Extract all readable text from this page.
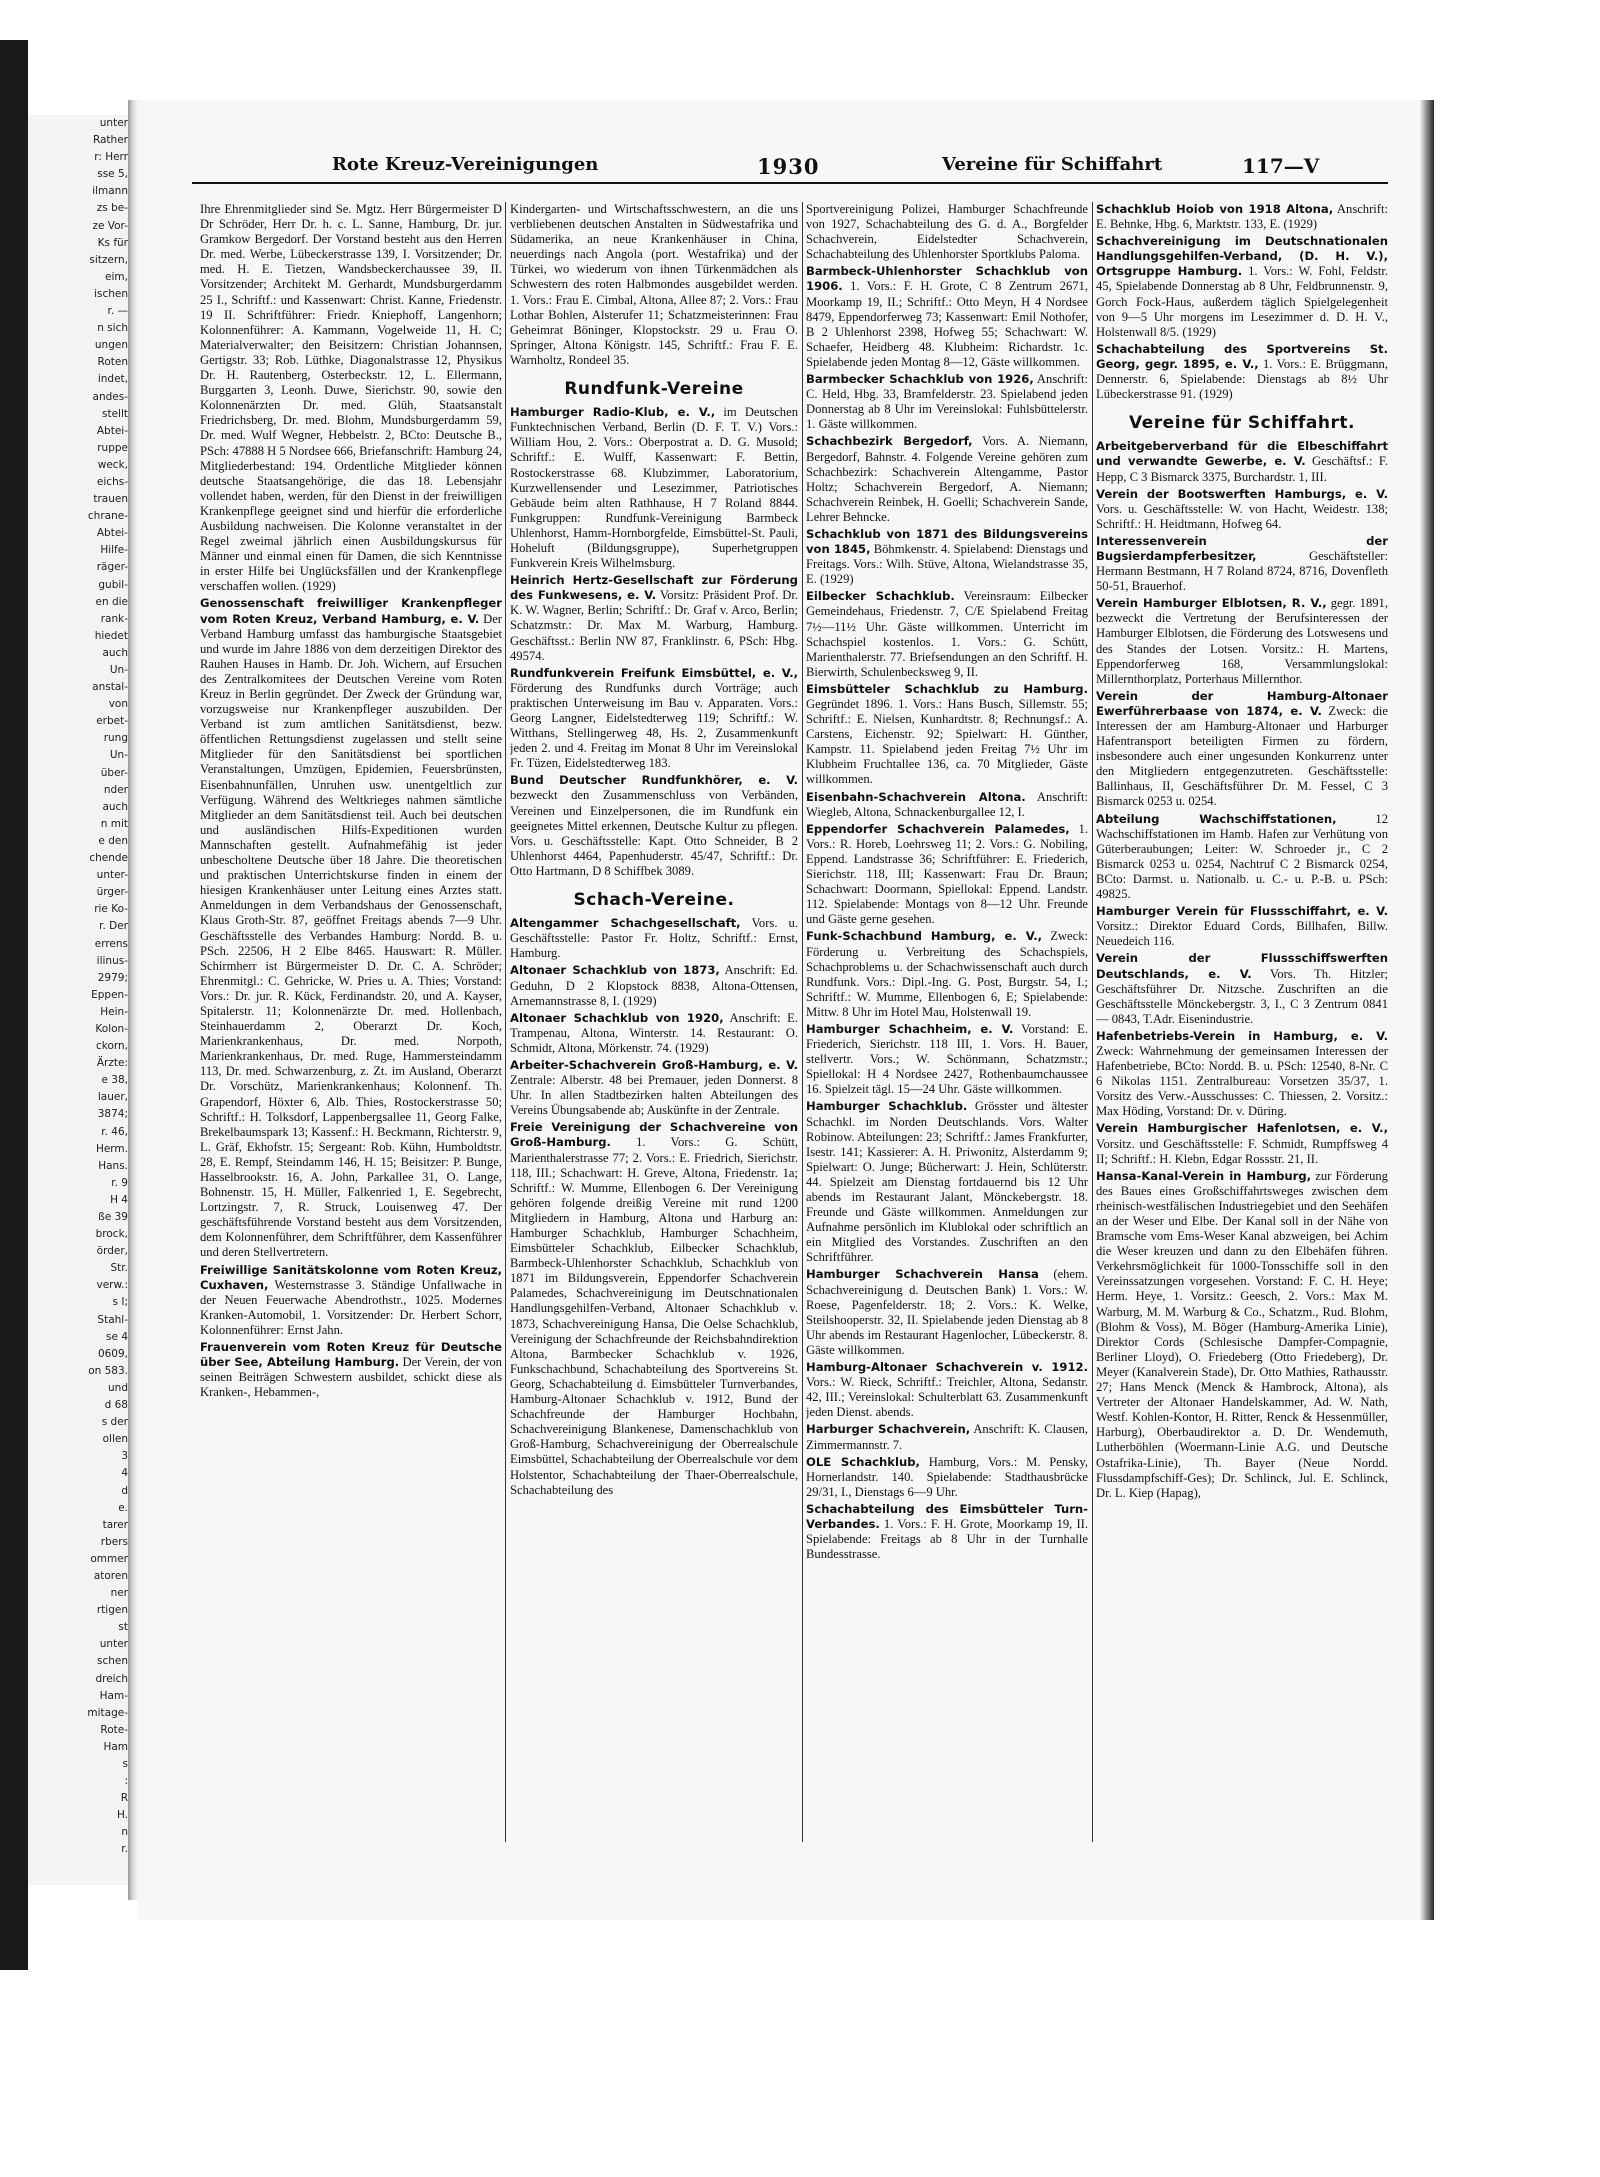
unter
Rather
r: Herr
sse 5,
ilmann
zs be-
ze Vor-
Ks für
sitzern,
eim,
ischen
r. —
n sich
ungen
Roten
indet,
andes-
stellt
Abtei-
ruppe
weck,
eichs-
trauen
chrane-
Abtei-
Hilfe-
räger-
gubil-
en die
rank-
hiedet
auch
Un-
anstal-
von
erbet-
rung
Un-
über-
nder
auch
n mit
e den
chende
unter-
ürger-
rie Ko-
r. Der
errens
ilinus-
2979;
Eppen-
Hein-
Kolon-
ckorn,
Ärzte:
e 38,
lauer,
3874;
r. 46,
Herm.
Hans.
r. 9
H 4
ße 39
brock,
örder,
Str.
verw.:
s I;
Stahl-
se 4
0609,
on 583.
und
d 68
s der
ollen
3
4
d
e.
tarer
rbers
ommer
atoren
ner
rtigen
st
unter
schen
dreich
Ham-
mitage-
Rote-
Ham
s
:
R
H.
n
r.
Rote Kreuz-Vereinigungen	1930	Vereine für Schiffahrt	117—V
Ihre Ehrenmitglieder sind Se. Mgtz. Herr Bürgermeister D Dr Schröder, Herr Dr. h. c. L. Sanne, Hamburg, Dr. jur. Gramkow Bergedorf. Der Vorstand besteht aus den Herren Dr. med. Werbe, Lübeckerstrasse 139, I. Vorsitzender; Dr. med. H. E. Tietzen, Wandsbeckerchaussee 39, II. Vorsitzender; Architekt M. Gerhardt, Mundsburgerdamm 25 I., Schriftf.: und Kassenwart: Christ. Kanne, Friedenstr. 19 II. Schriftführer: Friedr. Kniephoff, Langenhorn; Kolonnenführer: A. Kammann, Vogelweide 11, H. C; Materialverwalter; den Beisitzern: Christian Johannsen, Gertigstr. 33; Rob. Lüthke, Diagonalstrasse 12, Physikus Dr. H. Rautenberg, Osterbeckstr. 12, L. Ellermann, Burggarten 3, Leonh. Duwe, Sierichstr. 90, sowie den Kolonnenärzten Dr. med. Glüh, Staatsanstalt Friedrichsberg, Dr. med. Blohm, Mundsburgerdamm 59, Dr. med. Wulf Wegner, Hebbelstr. 2, BCto: Deutsche B., PSch: 47888 H 5 Nordsee 666, Briefanschrift: Hamburg 24, Mitgliederbestand: 194. Ordentliche Mitglieder können deutsche Staatsangehörige, die das 18. Lebensjahr vollendet haben, werden, für den Dienst in der freiwilligen Krankenpflege geeignet sind und hierfür die erforderliche Ausbildung nachweisen. Die Kolonne veranstaltet in der Regel zweimal jährlich einen Ausbildungskursus für Männer und einmal einen für Damen, die sich Kenntnisse in erster Hilfe bei Unglücksfällen und der Krankenpflege verschaffen wollen. (1929)
Genossenschaft freiwilliger Krankenpfleger vom Roten Kreuz, Verband Hamburg, e. V. Der Verband Hamburg umfasst das hamburgische Staatsgebiet und wurde im Jahre 1886 von dem derzeitigen Direktor des Rauhen Hauses in Hamb. Dr. Joh. Wichern, auf Ersuchen des Zentralkomitees der Deutschen Vereine vom Roten Kreuz in Berlin gegründet. Der Zweck der Gründung war, vorzugsweise nur Krankenpfleger auszubilden. Der Verband ist zum amtlichen Sanitätsdienst, bezw. öffentlichen Rettungsdienst zugelassen und stellt seine Mitglieder für den Sanitätsdienst bei sportlichen Veranstaltungen, Umzügen, Epidemien, Feuersbrünsten, Eisenbahnunfällen, Unruhen usw. unentgeltlich zur Verfügung. Während des Weltkrieges nahmen sämtliche Mitglieder an dem Sanitätsdienst teil. Auch bei deutschen und ausländischen Hilfs-Expeditionen wurden Mannschaften gestellt. Aufnahmefähig ist jeder unbescholtene Deutsche über 18 Jahre. Die theoretischen und praktischen Unterrichtskurse finden in einem der hiesigen Krankenhäuser unter Leitung eines Arztes statt. Anmeldungen in dem Verbandshaus der Genossenschaft, Klaus Groth-Str. 87, geöffnet Freitags abends 7—9 Uhr. Geschäftsstelle des Verbandes Hamburg: Nordd. B. u. PSch. 22506, H 2 Elbe 8465. Hauswart: R. Müller. Schirmherr ist Bürgermeister D. Dr. C. A. Schröder; Ehrenmitgl.: C. Gehricke, W. Pries u. A. Thies; Vorstand: Vors.: Dr. jur. R. Kück, Ferdinandstr. 20, und A. Kayser, Spitalerstr. 11; Kolonnenärzte Dr. med. Hollenbach, Steinhauerdamm 2, Oberarzt Dr. Koch, Marienkrankenhaus, Dr. med. Norpoth, Marienkrankenhaus, Dr. med. Ruge, Hammersteindamm 113, Dr. med. Schwarzenburg, z. Zt. im Ausland, Oberarzt Dr. Vorschütz, Marienkrankenhaus; Kolonnenf. Th. Grapendorf, Höxter 6, Alb. Thies, Rostockerstrasse 50; Schriftf.: H. Tolksdorf, Lappenbergsallee 11, Georg Falke, Brekelbaumspark 13; Kassenf.: H. Beckmann, Richterstr. 9, L. Gräf, Ekhofstr. 15; Sergeant: Rob. Kühn, Humboldtstr. 28, E. Rempf, Steindamm 146, H. 15; Beisitzer: P. Bunge, Hasselbrookstr. 16, A. John, Parkallee 31, O. Lange, Bohnenstr. 15, H. Müller, Falkenried 1, E. Segebrecht, Lortzingstr. 7, R. Struck, Louisenweg 47. Der geschäftsführende Vorstand besteht aus dem Vorsitzenden, dem Kolonnenführer, dem Schriftführer, dem Kassenführer und deren Stellvertretern.
Freiwillige Sanitätskolonne vom Roten Kreuz, Cuxhaven, Westernstrasse 3. Ständige Unfallwache in der Neuen Feuerwache Abendrothstr., 1025. Modernes Kranken-Automobil, 1. Vorsitzender: Dr. Herbert Schorr, Kolonnenführer: Ernst Jahn.
Frauenverein vom Roten Kreuz für Deutsche über See, Abteilung Hamburg. Der Verein, der von seinen Beiträgen Schwestern ausbildet, schickt diese als Kranken-, Hebammen-,
Kindergarten- und Wirtschaftsschwestern, an die uns verbliebenen deutschen Anstalten in Südwestafrika und Südamerika, an neue Krankenhäuser in China, neuerdings nach Angola (port. Westafrika) und der Türkei, wo wiederum von ihnen Türkenmädchen als Schwestern des roten Halbmondes ausgebildet werden. 1. Vors.: Frau E. Cimbal, Altona, Allee 87; 2. Vors.: Frau Lothar Bohlen, Alsterufer 11; Schatzmeisterinnen: Frau Geheimrat Böninger, Klopstockstr. 29 u. Frau O. Springer, Altona Königstr. 145, Schriftf.: Frau F. E. Warnholtz, Rondeel 35.
Rundfunk-Vereine
Hamburger Radio-Klub, e. V., im Deutschen Funktechnischen Verband, Berlin (D. F. T. V.) Vors.: William Hou, 2. Vors.: Oberpostrat a. D. G. Musold; Schriftf.: E. Wulff, Kassenwart: F. Bettin, Rostockerstrasse 68. Klubzimmer, Laboratorium, Kurzwellensender und Lesezimmer, Patriotisches Gebäude beim alten Rathhause, H 7 Roland 8844. Funkgruppen: Rundfunk-Vereinigung Barmbeck Uhlenhorst, Hamm-Hornborgfelde, Eimsbüttel-St. Pauli, Hoheluft (Bildungsgruppe), Superhetgruppen Funkverein Kreis Wilhelmsburg.
Heinrich Hertz-Gesellschaft zur Förderung des Funkwesens, e. V. Vorsitz: Präsident Prof. Dr. K. W. Wagner, Berlin; Schriftf.: Dr. Graf v. Arco, Berlin; Schatzmstr.: Dr. Max M. Warburg, Hamburg. Geschäftsst.: Berlin NW 87, Franklinstr. 6, PSch: Hbg. 49574.
Rundfunkverein Freifunk Eimsbüttel, e. V., Förderung des Rundfunks durch Vorträge; auch praktischen Unterweisung im Bau v. Apparaten. Vors.: Georg Langner, Eidelstedterweg 119; Schriftf.: W. Witthans, Stellingerweg 48, Hs. 2, Zusammenkunft jeden 2. und 4. Freitag im Monat 8 Uhr im Vereinslokal Fr. Tüzen, Eidelstedterweg 183.
Bund Deutscher Rundfunkhörer, e. V. bezweckt den Zusammenschluss von Verbänden, Vereinen und Einzelpersonen, die im Rundfunk ein geeignetes Mittel erkennen, Deutsche Kultur zu pflegen. Vors. u. Geschäftsstelle: Kapt. Otto Schneider, B 2 Uhlenhorst 4464, Papenhuderstr. 45/47, Schriftf.: Dr. Otto Hartmann, D 8 Schiffbek 3089.
Schach-Vereine.
Altengammer Schachgesellschaft, Vors. u. Geschäftsstelle: Pastor Fr. Holtz, Schriftf.: Ernst, Hamburg.
Altonaer Schachklub von 1873, Anschrift: Ed. Geduhn, D 2 Klopstock 8838, Altona-Ottensen, Arnemannstrasse 8, I. (1929)
Altonaer Schachklub von 1920, Anschrift: E. Trampenau, Altona, Winterstr. 14. Restaurant: O. Schmidt, Altona, Mörkenstr. 74. (1929)
Arbeiter-Schachverein Groß-Hamburg, e. V. Zentrale: Alberstr. 48 bei Premauer, jeden Donnerst. 8 Uhr. In allen Stadtbezirken halten Abteilungen des Vereins Übungsabende ab; Auskünfte in der Zentrale.
Freie Vereinigung der Schachvereine von Groß-Hamburg. 1. Vors.: G. Schütt, Marienthalerstrasse 77; 2. Vors.: E. Friedrich, Sierichstr. 118, III.; Schachwart: H. Greve, Altona, Friedenstr. 1a; Schriftf.: W. Mumme, Ellenbogen 6. Der Vereinigung gehören folgende dreißig Vereine mit rund 1200 Mitgliedern in Hamburg, Altona und Harburg an: Hamburger Schachklub, Hamburger Schachheim, Eimsbütteler Schachklub, Eilbecker Schachklub, Barmbeck-Uhlenhorster Schachklub, Schachklub von 1871 im Bildungsverein, Eppendorfer Schachverein Palamedes, Schachvereinigung im Deutschnationalen Handlungsgehilfen-Verband, Altonaer Schachklub v. 1873, Schachvereinigung Hansa, Die Oelse Schachklub, Vereinigung der Schachfreunde der Reichsbahndirektion Altona, Barmbecker Schachklub v. 1926, Funkschachbund, Schachabteilung des Sportvereins St. Georg, Schachabteilung d. Eimsbütteler Turnverbandes, Hamburg-Altonaer Schachklub v. 1912, Bund der Schachfreunde der Hamburger Hochbahn, Schachvereinigung Blankenese, Damenschachklub von Groß-Hamburg, Schachvereinigung der Oberrealschule Eimsbüttel, Schachabteilung der Oberrealschule vor dem Holstentor, Schachabteilung der Thaer-Oberrealschule, Schachabteilung des
Sportvereinigung Polizei, Hamburger Schachfreunde von 1927, Schachabteilung des G. d. A., Borgfelder Schachverein, Eidelstedter Schachverein, Schachabteilung des Uhlenhorster Sportklubs Paloma.
Barmbeck-Uhlenhorster Schachklub von 1906. 1. Vors.: F. H. Grote, C 8 Zentrum 2671, Moorkamp 19, II.; Schriftf.: Otto Meyn, H 4 Nordsee 8479, Eppendorferweg 73; Kassenwart: Emil Nothofer, B 2 Uhlenhorst 2398, Hofweg 55; Schachwart: W. Schaefer, Heidberg 48. Klubheim: Richardstr. 1c. Spielabende jeden Montag 8—12, Gäste willkommen.
Barmbecker Schachklub von 1926, Anschrift: C. Held, Hbg. 33, Bramfelderstr. 23. Spielabend jeden Donnerstag ab 8 Uhr im Vereinslokal: Fuhlsbüttelerstr. 1. Gäste willkommen.
Schachbezirk Bergedorf, Vors. A. Niemann, Bergedorf, Bahnstr. 4. Folgende Vereine gehören zum Schachbezirk: Schachverein Altengamme, Pastor Holtz; Schachverein Bergedorf, A. Niemann; Schachverein Reinbek, H. Goelli; Schachverein Sande, Lehrer Behncke.
Schachklub von 1871 des Bildungsvereins von 1845, Böhmkenstr. 4. Spielabend: Dienstags und Freitags. Vors.: Wilh. Stüve, Altona, Wielandstrasse 35, E. (1929)
Eilbecker Schachklub. Vereinsraum: Eilbecker Gemeindehaus, Friedenstr. 7, C/E Spielabend Freitag 7½—11½ Uhr. Gäste willkommen. Unterricht im Schachspiel kostenlos. 1. Vors.: G. Schütt, Marienthalerstr. 77. Briefsendungen an den Schriftf. H. Bierwirth, Schulenbecksweg 9, II.
Eimsbütteler Schachklub zu Hamburg. Gegründet 1896. 1. Vors.: Hans Busch, Sillemstr. 55; Schriftf.: E. Nielsen, Kunhardtstr. 8; Rechnungsf.: A. Carstens, Eichenstr. 92; Spielwart: H. Günther, Kampstr. 11. Spielabend jeden Freitag 7½ Uhr im Klubheim Fruchtallee 136, ca. 70 Mitglieder, Gäste willkommen.
Eisenbahn-Schachverein Altona. Anschrift: Wiegleb, Altona, Schnackenburgallee 12, I.
Eppendorfer Schachverein Palamedes, 1. Vors.: R. Horeb, Loehrsweg 11; 2. Vors.: G. Nobiling, Eppend. Landstrasse 36; Schriftführer: E. Friederich, Sierichstr. 118, III; Kassenwart: Frau Dr. Braun; Schachwart: Doormann, Spiellokal: Eppend. Landstr. 112. Spielabende: Montags von 8—12 Uhr. Freunde und Gäste gerne gesehen.
Funk-Schachbund Hamburg, e. V., Zweck: Förderung u. Verbreitung des Schachspiels, Schachproblems u. der Schachwissenschaft auch durch Rundfunk. Vors.: Dipl.-Ing. G. Post, Burgstr. 54, I.; Schriftf.: W. Mumme, Ellenbogen 6, E; Spielabende: Mittw. 8 Uhr im Hotel Mau, Holstenwall 19.
Hamburger Schachheim, e. V. Vorstand: E. Friederich, Sierichstr. 118 III, 1. Vors. H. Bauer, stellvertr. Vors.; W. Schönmann, Schatzmstr.; Spiellokal: H 4 Nordsee 2427, Rothenbaumchaussee 16. Spielzeit tägl. 15—24 Uhr. Gäste willkommen.
Hamburger Schachklub. Grösster und ältester Schachkl. im Norden Deutschlands. Vors. Walter Robinow. Abteilungen: 23; Schriftf.: James Frankfurter, Isestr. 141; Kassierer: A. H. Priwonitz, Alsterdamm 9; Spielwart: O. Junge; Bücherwart: J. Hein, Schlüterstr. 44. Spielzeit am Dienstag fortdauernd bis 12 Uhr abends im Restaurant Jalant, Mönckebergstr. 18. Freunde und Gäste willkommen. Anmeldungen zur Aufnahme persönlich im Klublokal oder schriftlich an ein Mitglied des Vorstandes. Zuschriften an den Schriftführer.
Hamburger Schachverein Hansa (ehem. Schachvereinigung d. Deutschen Bank) 1. Vors.: W. Roese, Pagenfelderstr. 18; 2. Vors.: K. Welke, Steilshooperstr. 32, II. Spielabende jeden Dienstag ab 8 Uhr abends im Restaurant Hagenlocher, Lübeckerstr. 8. Gäste willkommen.
Hamburg-Altonaer Schachverein v. 1912. Vors.: W. Rieck, Schriftf.: Treichler, Altona, Sedanstr. 42, III.; Vereinslokal: Schulterblatt 63. Zusammenkunft jeden Dienst. abends.
Harburger Schachverein, Anschrift: K. Clausen, Zimmermannstr. 7.
OLE Schachklub, Hamburg, Vors.: M. Pensky, Hornerlandstr. 140. Spielabende: Stadthausbrücke 29/31, I., Dienstags 6—9 Uhr.
Schachabteilung des Eimsbütteler Turn-Verbandes. 1. Vors.: F. H. Grote, Moorkamp 19, II. Spielabende: Freitags ab 8 Uhr in der Turnhalle Bundesstrasse.
Schachklub Hoiob von 1918 Altona, Anschrift: E. Behnke, Hbg. 6, Marktstr. 133, E. (1929)
Schachvereinigung im Deutschnationalen Handlungsgehilfen-Verband, (D. H. V.), Ortsgruppe Hamburg. 1. Vors.: W. Fohl, Feldstr. 45, Spielabende Donnerstag ab 8 Uhr, Feldbrunnenstr. 9, Gorch Fock-Haus, außerdem täglich Spielgelegenheit von 9—5 Uhr morgens im Lesezimmer d. D. H. V., Holstenwall 8/5. (1929)
Schachabteilung des Sportvereins St. Georg, gegr. 1895, e. V., 1. Vors.: E. Brüggmann, Dennerstr. 6, Spielabende: Dienstags ab 8½ Uhr Lübeckerstrasse 91. (1929)
Vereine für Schiffahrt.
Arbeitgeberverband für die Elbeschiffahrt und verwandte Gewerbe, e. V. Geschäftsf.: F. Hepp, C 3 Bismarck 3375, Burchardstr. 1, III.
Verein der Bootswerften Hamburgs, e. V. Vors. u. Geschäftsstelle: W. von Hacht, Weidestr. 138; Schriftf.: H. Heidtmann, Hofweg 64.
Interessenverein der Bugsierdampferbesitzer,	Geschäftsteller: Hermann Bestmann, H 7 Roland 8724, 8716, Dovenfleth 50-51, Brauerhof.
Verein Hamburger Elblotsen, R. V., gegr. 1891, bezweckt die Vertretung der Berufsinteressen der Hamburger Elblotsen, die Förderung des Lotswesens und des Standes der Lotsen. Vorsitz.: H. Martens, Eppendorferweg 168, Versammlungslokal: Millernthorplatz, Porterhaus Millernthor.
Verein der Hamburg-Altonaer Ewerführerbaase von 1874, e. V. Zweck: die Interessen der am Hamburg-Altonaer und Harburger Hafentransport beteiligten Firmen zu fördern, insbesondere auch einer ungesunden Konkurrenz unter den Mitgliedern entgegenzutreten. Geschäftsstelle: Ballinhaus, II, Geschäftsführer Dr. M. Fessel, C 3 Bismarck 0253 u. 0254.
Abteilung Wachschiffstationen,	12 Wachschiffstationen im Hamb. Hafen zur Verhütung von Güterberaubungen; Leiter: W. Schroeder jr., C 2 Bismarck 0253 u. 0254, Nachtruf C 2 Bismarck 0254, BCto: Darmst. u. Nationalb. u. C.- u. P.-B. u. PSch: 49825.
Hamburger Verein für Flussschiffahrt, e. V. Vorsitz.: Direktor Eduard Cords, Billhafen, Billw. Neuedeich 116.
Verein der Flussschiffswerften Deutschlands, e. V. Vors. Th. Hitzler; Geschäftsführer Dr. Nitzsche. Zuschriften an die Geschäftsstelle Mönckebergstr. 3, I., C 3 Zentrum 0841 — 0843, T.Adr. Eisenindustrie.
Hafenbetriebs-Verein in Hamburg, e. V. Zweck: Wahrnehmung der gemeinsamen Interessen der Hafenbetriebe, BCto: Nordd. B. u. PSch: 12540, 8-Nr. C 6 Nikolas 1151. Zentralbureau: Vorsetzen 35/37, 1. Vorsitz des Verw.-Ausschusses: C. Thiessen, 2. Vorsitz.: Max Höding, Vorstand: Dr. v. Düring.
Verein Hamburgischer Hafenlotsen, e. V., Vorsitz. und Geschäftsstelle: F. Schmidt, Rumpffsweg 4 II; Schriftf.: H. Klebn, Edgar Rossstr. 21, II.
Hansa-Kanal-Verein in Hamburg, zur Förderung des Baues eines Großschiffahrtsweges zwischen dem rheinisch-westfälischen Industriegebiet und den Seehäfen an der Weser und Elbe. Der Kanal soll in der Nähe von Bramsche vom Ems-Weser Kanal abzweigen, bei Achim die Weser kreuzen und dann zu den Elbehäfen führen. Verkehrsmöglichkeit für 1000-Tonsschiffe soll in den Vereinssatzungen vorgesehen. Vorstand: F. C. H. Heye; Herm. Heye, 1. Vorsitz.: Geesch, 2. Vors.: Max M. Warburg, M. M. Warburg & Co., Schatzm., Rud. Blohm, (Blohm & Voss), M. Böger (Hamburg-Amerika Linie), Direktor Cords (Schlesische Dampfer-Compagnie, Berliner Lloyd), O. Friedeberg (Otto Friedeberg), Dr. Meyer (Kanalverein Stade), Dr. Otto Mathies, Rathausstr. 27; Hans Menck (Menck & Hambrock, Altona), als Vertreter der Altonaer Handelskammer, Ad. W. Nath, Westf. Kohlen-Kontor, H. Ritter, Renck & Hessenmüller, Harburg), Oberbaudirektor a. D. Dr. Wendemuth, Lutherböhlen (Woermann-Linie A.G. und Deutsche Ostafrika-Linie), Th. Bayer (Neue Nordd. Flussdampfschiff-Ges); Dr. Schlinck, Jul. E. Schlinck, Dr. L. Kiep (Hapag),
